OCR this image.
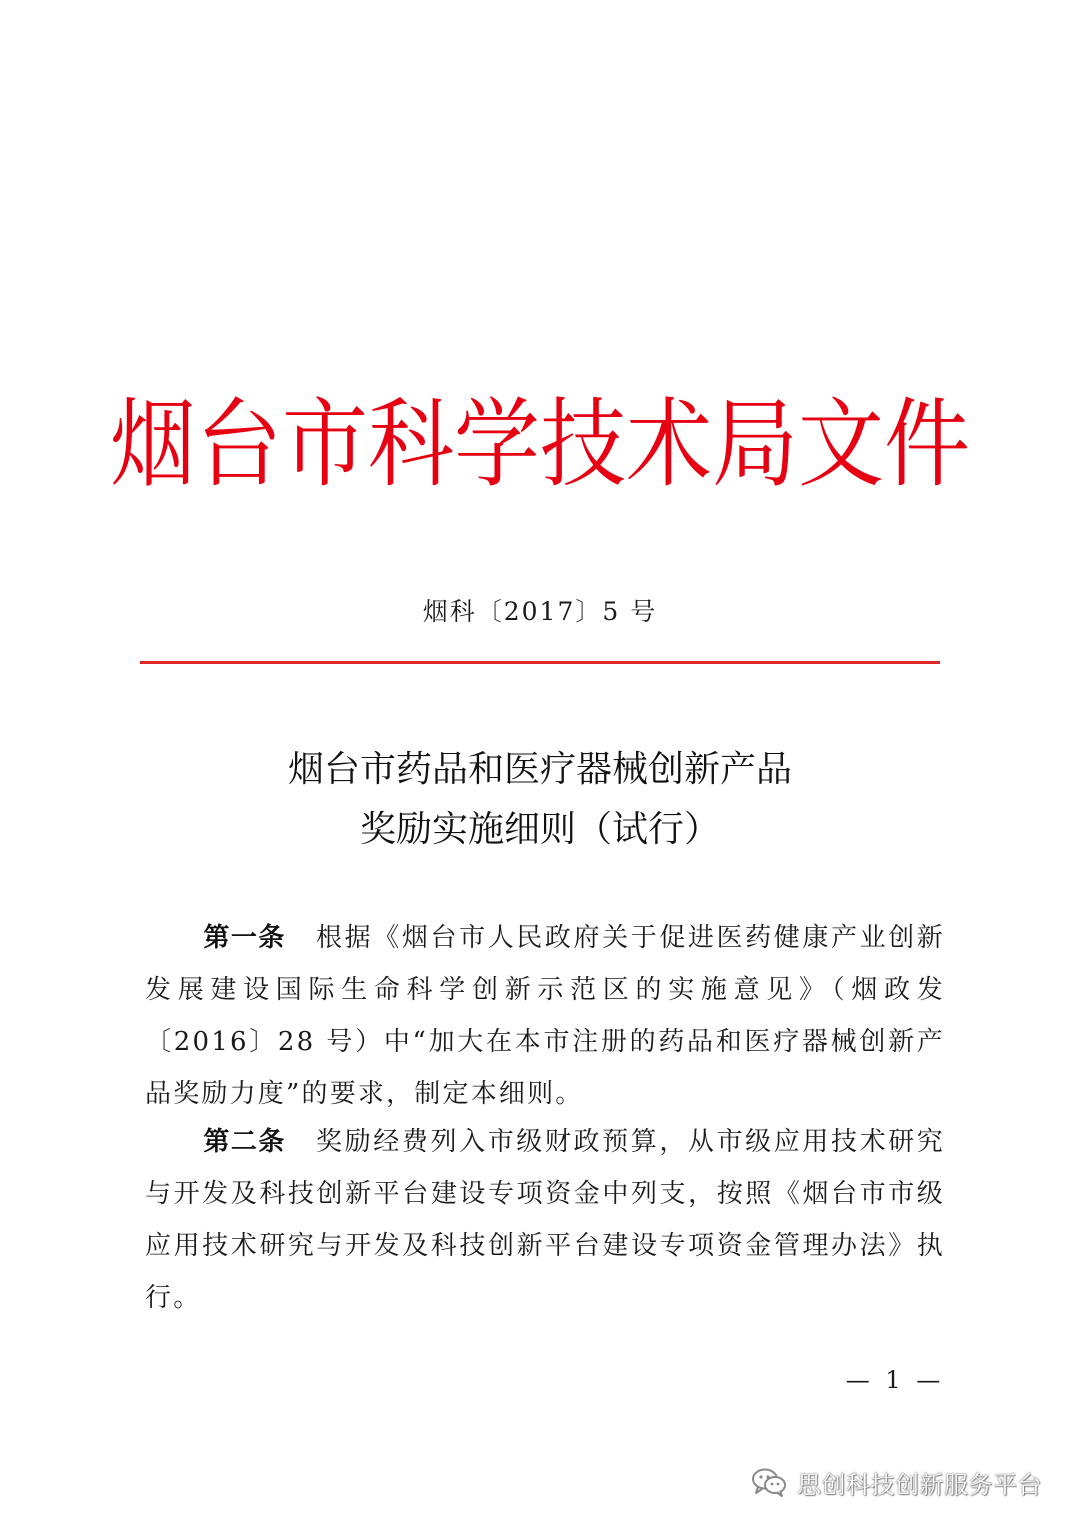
烟台市科学技术局文件
烟科〔2017〕5 号
烟台市药品和医疗器械创新产品
奖励实施细则（试行）

第一条 根据《烟台市人民政府关于促进医药健康产业创新发展建设国际生命科学创新示范区的实施意见》（烟政发〔2016〕28 号）中“加大在本市注册的药品和医疗器械创新产品奖励力度”的要求，制定本细则。

第二条 奖励经费列入市级财政预算，从市级应用技术研究与开发及科技创新平台建设专项资金中列支，按照《烟台市市级应用技术研究与开发及科技创新平台建设专项资金管理办法》执行。

— 1 —
思创科技创新服务平台
